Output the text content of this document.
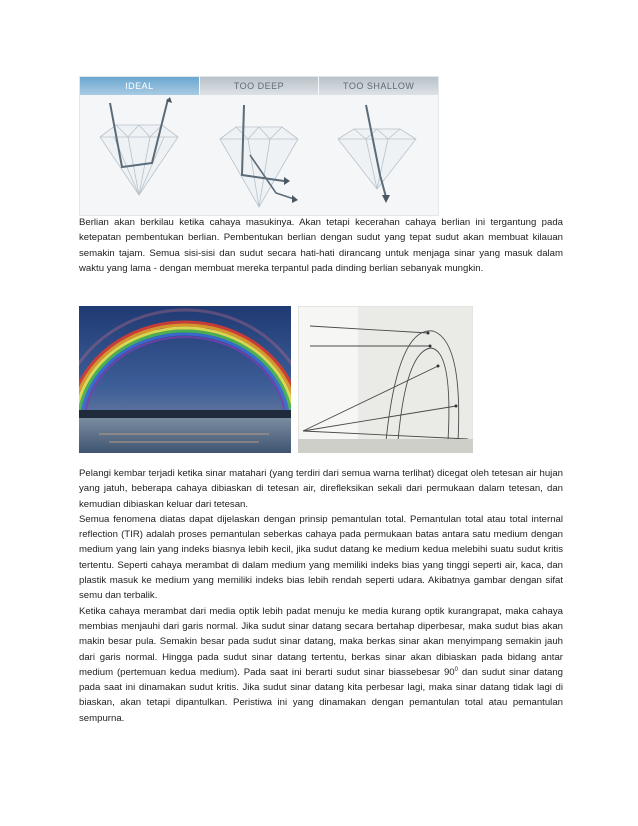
IDEAL	TOO DEEP	TOO SHALLOW

Berlian akan berkilau ketika cahaya masukinya. Akan tetapi kecerahan cahaya berlian ini tergantung pada ketepatan pembentukan berlian. Pembentukan berlian dengan sudut yang tepat sudut akan membuat kilauan semakin tajam. Semua sisi-sisi dan sudut secara hati-hati dirancang untuk menjaga sinar yang masuk dalam waktu yang lama - dengan membuat mereka terpantul pada dinding berlian sebanyak mungkin.

Pelangi kembar terjadi ketika sinar matahari (yang terdiri dari semua warna terlihat) dicegat oleh tetesan air hujan yang jatuh, beberapa cahaya dibiaskan di tetesan air, direfleksikan sekali dari permukaan dalam tetesan, dan kemudian dibiaskan keluar dari tetesan.
Semua fenomena diatas dapat dijelaskan dengan prinsip pemantulan total. Pemantulan total atau total internal reflection (TIR) adalah proses pemantulan seberkas cahaya pada permukaan batas antara satu medium dengan medium yang lain yang indeks biasnya lebih kecil, jika sudut datang ke medium kedua melebihi suatu sudut kritis tertentu. Seperti cahaya merambat di dalam medium yang memiliki indeks bias yang tinggi seperti air, kaca, dan plastik masuk ke medium yang memiliki indeks bias lebih rendah seperti udara. Akibatnya gambar dengan sifat semu dan terbalik.
Ketika cahaya merambat dari media optik lebih padat menuju ke media kurang optik kurangrapat, maka cahaya membias menjauhi dari garis normal. Jika sudut sinar datang secara bertahap diperbesar, maka sudut bias akan makin besar pula. Semakin besar pada sudut sinar datang, maka berkas sinar akan menyimpang semakin jauh dari garis normal. Hingga pada sudut sinar datang tertentu, berkas sinar akan dibiaskan pada bidang antar medium (pertemuan kedua medium). Pada saat ini berarti sudut sinar biassebesar $90^0$ dan sudut sinar datang pada saat ini dinamakan sudut kritis. Jika sudut sinar datang kita perbesar lagi, maka sinar datang tidak lagi di biaskan, akan tetapi dipantulkan. Peristiwa ini yang dinamakan dengan pemantulan total atau pemantulan sempurna.
